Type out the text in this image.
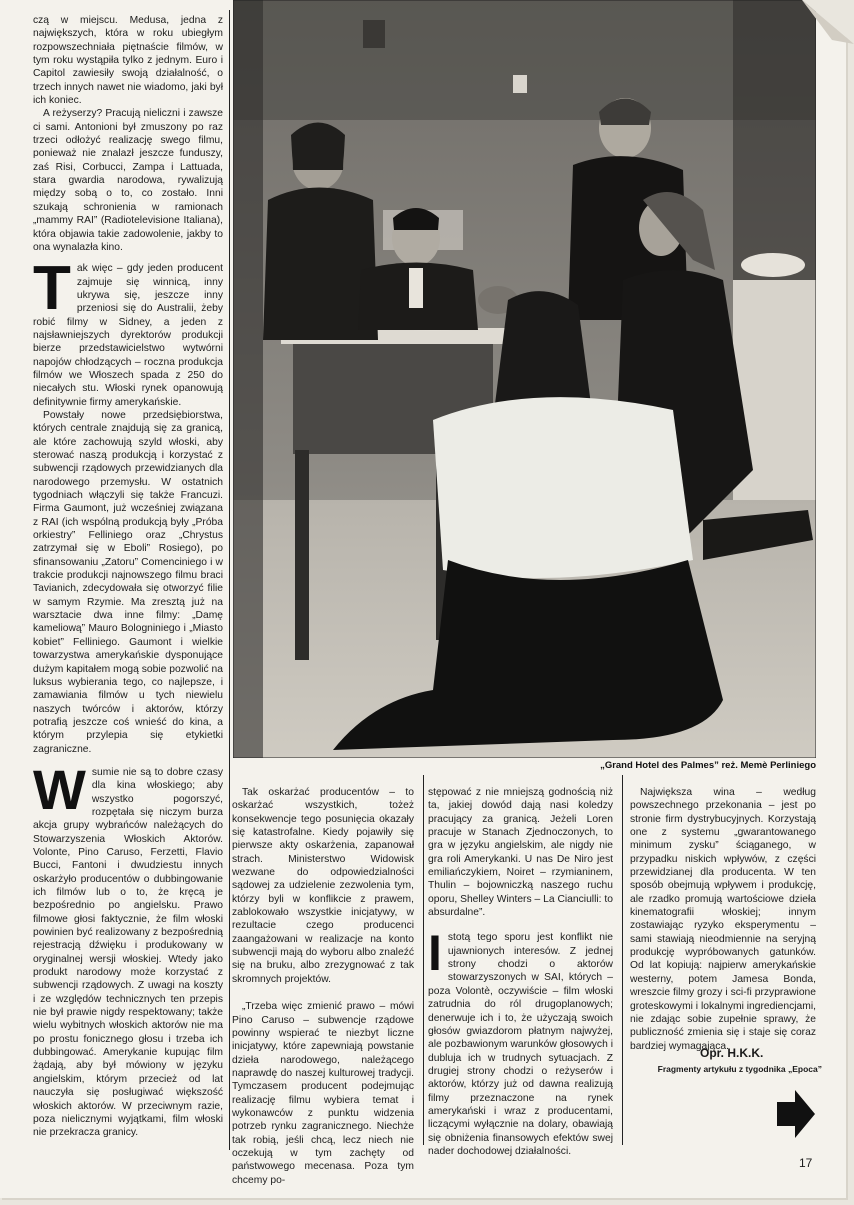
czą w miejscu. Medusa, jedna z największych, która w roku ubiegłym rozpowszechniała piętnaście filmów, w tym roku wystąpiła tylko z jednym. Euro i Capitol zawiesiły swoją działalność, o trzech innych nawet nie wiadomo, jaki był ich koniec.

A reżyserzy? Pracują nieliczni i zawsze ci sami. Antonioni był zmuszony po raz trzeci odłożyć realizację swego filmu, ponieważ nie znalazł jeszcze funduszy, zaś Risi, Corbucci, Zampa i Lattuada, stara gwardia narodowa, rywalizują między sobą o to, co zostało. Inni szukają schronienia w ramionach „mammy RAI” (Radiotelevisione Italiana), która objawia takie zadowolenie, jakby to ona wynalazła kino.

Tak więc – gdy jeden producent zajmuje się winnicą, inny ukrywa się, jeszcze inny przeniosi się do Australii, żeby robić filmy w Sidney, a jeden z najsławniejszych dyrektorów produkcji bierze przedstawicielstwo wytwórni napojów chłodzących – roczna produkcja filmów we Włoszech spada z 250 do niecałych stu. Włoski rynek opanowują definitywnie firmy amerykańskie.

Powstały nowe przedsiębiorstwa, których centrale znajdują się za granicą, ale które zachowują szyld włoski, aby sterować naszą produkcją i korzystać z subwencji rządowych przewidzianych dla narodowego przemysłu. W ostatnich tygodniach włączyli się także Francuzi. Firma Gaumont, już wcześniej związana z RAI (ich wspólną produkcją były „Próba orkiestry” Felliniego oraz „Chrystus zatrzymał się w Eboli” Rosiego), po sfinansowaniu „Zatoru” Comenciniego i w trakcie produkcji najnowszego filmu braci Tavianich, zdecydowała się otworzyć filie w samym Rzymie. Ma zresztą już na warsztacie dwa inne filmy: „Damę kameliową” Mauro Bologniniego i „Miasto kobiet” Felliniego. Gaumont i wielkie towarzystwa amerykańskie dysponujące dużym kapitałem mogą sobie pozwolić na luksus wybierania tego, co najlepsze, i zamawiania filmów u tych niewielu naszych twórców i aktorów, którzy potrafią jeszcze coś wnieść do kina, a którym przylepia się etykietki zagraniczne.

Wsumie nie są to dobre czasy dla kina włoskiego; aby wszystko pogorszyć, rozpętała się niczym burza akcja grupy wybrańców należących do Stowarzyszenia Włoskich Aktorów. Volonte, Pino Caruso, Ferzetti, Flavio Bucci, Fantoni i dwudziestu innych oskarżyło producentów o dubbingowanie ich filmów lub o to, że kręcą je bezpośrednio po angielsku. Prawo filmowe głosi faktycznie, że film włoski powinien być realizowany z bezpośrednią rejestracją dźwięku i produkowany w oryginalnej wersji włoskiej. Wtedy jako produkt narodowy może korzystać z subwencji rządowych. Z uwagi na koszty i ze względów technicznych ten przepis nie był prawie nigdy respektowany; także wielu wybitnych włoskich aktorów nie ma po prostu fonicznego głosu i trzeba ich dubbingować. Amerykanie kupując film żądają, aby był mówiony w języku angielskim, którym przecież od lat nauczyła się posługiwać większość włoskich aktorów. W przeciwnym razie, poza nielicznymi wyjątkami, film włoski nie przekracza granicy.

„Grand Hotel des Palmes” reż. Memè Perliniego

Tak oskarżać producentów – to oskarżać wszystkich, tożeż konsekwencje tego posunięcia okazały się katastrofalne. Kiedy pojawiły się pierwsze akty oskarżenia, zapanował strach. Ministerstwo Widowisk wezwane do odpowiedzialności sądowej za udzielenie zezwolenia tym, którzy byli w konflikcie z prawem, zablokowało wszystkie inicjatywy, w rezultacie czego producenci zaangażowani w realizacje na konto subwencji mają do wyboru albo znaleźć się na bruku, albo zrezygnować z tak skromnych projektów.

„Trzeba więc zmienić prawo – mówi Pino Caruso – subwencje rządowe powinny wspierać te niezbyt liczne inicjatywy, które zapewniają powstanie dzieła narodowego, należącego naprawdę do naszej kulturowej tradycji. Tymczasem producent podejmując realizację filmu wybiera temat i wykonawców z punktu widzenia potrzeb rynku zagranicznego. Niechże tak robią, jeśli chcą, lecz niech nie oczekują w tym zachęty od państwowego mecenasa. Poza tym chcemy po-

stępować z nie mniejszą godnością niż ta, jakiej dowód dają nasi koledzy pracujący za granicą. Jeżeli Loren pracuje w Stanach Zjednoczonych, to gra w języku angielskim, ale nigdy nie gra roli Amerykanki. U nas De Niro jest emiliańczykiem, Noiret – rzymianinem, Thulin – bojowniczką naszego ruchu oporu, Shelley Winters – La Cianciulli: to absurdalne”.

Istotą tego sporu jest konflikt nie ujawnionych interesów. Z jednej strony chodzi o aktorów stowarzyszonych w SAI, których – poza Volontè, oczywiście – film włoski zatrudnia do ról drugoplanowych; denerwuje ich i to, że użyczają swoich głosów gwiazdorom płatnym najwyżej, ale pozbawionym warunków głosowych i dubluja ich w trudnych sytuacjach. Z drugiej strony chodzi o reżyserów i aktorów, którzy już od dawna realizują filmy przeznaczone na rynek amerykański i wraz z producentami, liczącymi wyłącznie na dolary, obawiają się obniżenia finansowych efektów swej nader dochodowej działalności.

Największa wina – według powszechnego przekonania – jest po stronie firm dystrybucyjnych. Korzystają one z systemu „gwarantowanego minimum zysku” ściąganego, w przypadku niskich wpływów, z części przewidzianej dla producenta. W ten sposób obejmują wpływem i produkcję, ale rzadko promują wartościowe dzieła kinematografii włoskiej; innym zostawiając ryzyko eksperymentu – sami stawiają nieodmiennie na seryjną produkcję wypróbowanych gatunków. Od lat kopiują: najpierw amerykańskie westerny, potem Jamesa Bonda, wreszcie filmy grozy i sci-fi przyprawione groteskowymi i lokalnymi ingrediencjami, nie zdając sobie zupełnie sprawy, że publiczność zmienia się i staje się coraz bardziej wymagająca.

Opr. H.K.K.
Fragmenty artykułu z tygodnika „Epoca”
17
